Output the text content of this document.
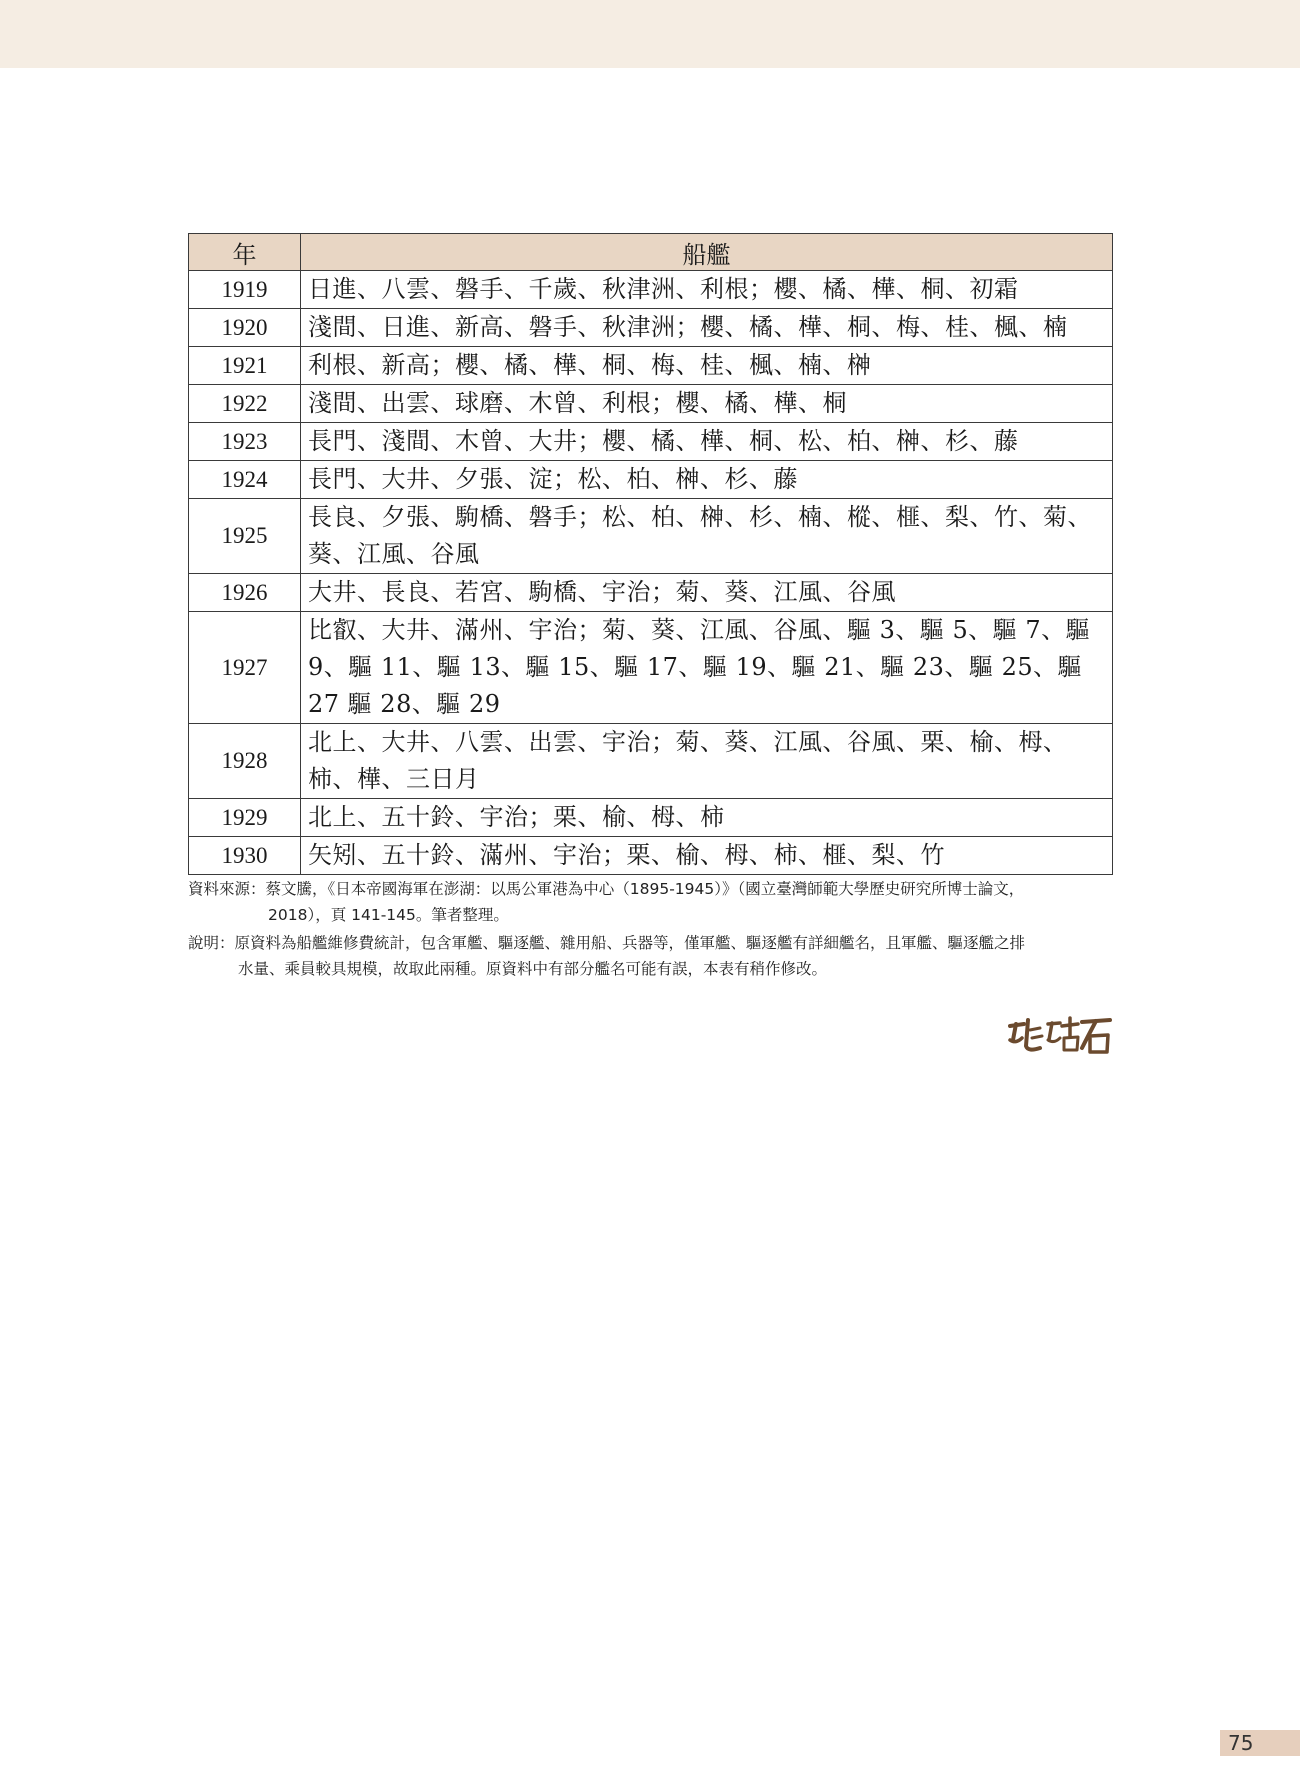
年	船艦
1919	日進、八雲、磐手、千歲、秋津洲、利根；櫻、橘、樺、桐、初霜
1920	淺間、日進、新高、磐手、秋津洲；櫻、橘、樺、桐、梅、桂、楓、楠
1921	利根、新高；櫻、橘、樺、桐、梅、桂、楓、楠、榊
1922	淺間、出雲、球磨、木曾、利根；櫻、橘、樺、桐
1923	長門、淺間、木曾、大井；櫻、橘、樺、桐、松、柏、榊、杉、藤
1924	長門、大井、夕張、淀；松、柏、榊、杉、藤
1925	長良、夕張、駒橋、磐手；松、柏、榊、杉、楠、樅、榧、梨、竹、菊、葵、江風、谷風
1926	大井、長良、若宮、駒橋、宇治；菊、葵、江風、谷風
1927	比叡、大井、滿州、宇治；菊、葵、江風、谷風、驅 3、驅 5、驅 7、驅 9、驅 11、驅 13、驅 15、驅 17、驅 19、驅 21、驅 23、驅 25、驅 27 驅 28、驅 29
1928	北上、大井、八雲、出雲、宇治；菊、葵、江風、谷風、栗、榆、栂、柿、樺、三日月
1929	北上、五十鈴、宇治；栗、榆、栂、柿
1930	矢矧、五十鈴、滿州、宇治；栗、榆、栂、柿、榧、梨、竹

資料來源：蔡文騰，《日本帝國海軍在澎湖：以馬公軍港為中心（1895-1945）》（國立臺灣師範大學歷史研究所博士論文，
2018），頁 141-145。筆者整理。

說明：原資料為船艦維修費統計，包含軍艦、驅逐艦、雜用船、兵器等，僅軍艦、驅逐艦有詳細艦名，且軍艦、驅逐艦之排
水量、乘員較具規模，故取此兩種。原資料中有部分艦名可能有誤，本表有稍作修改。

75
